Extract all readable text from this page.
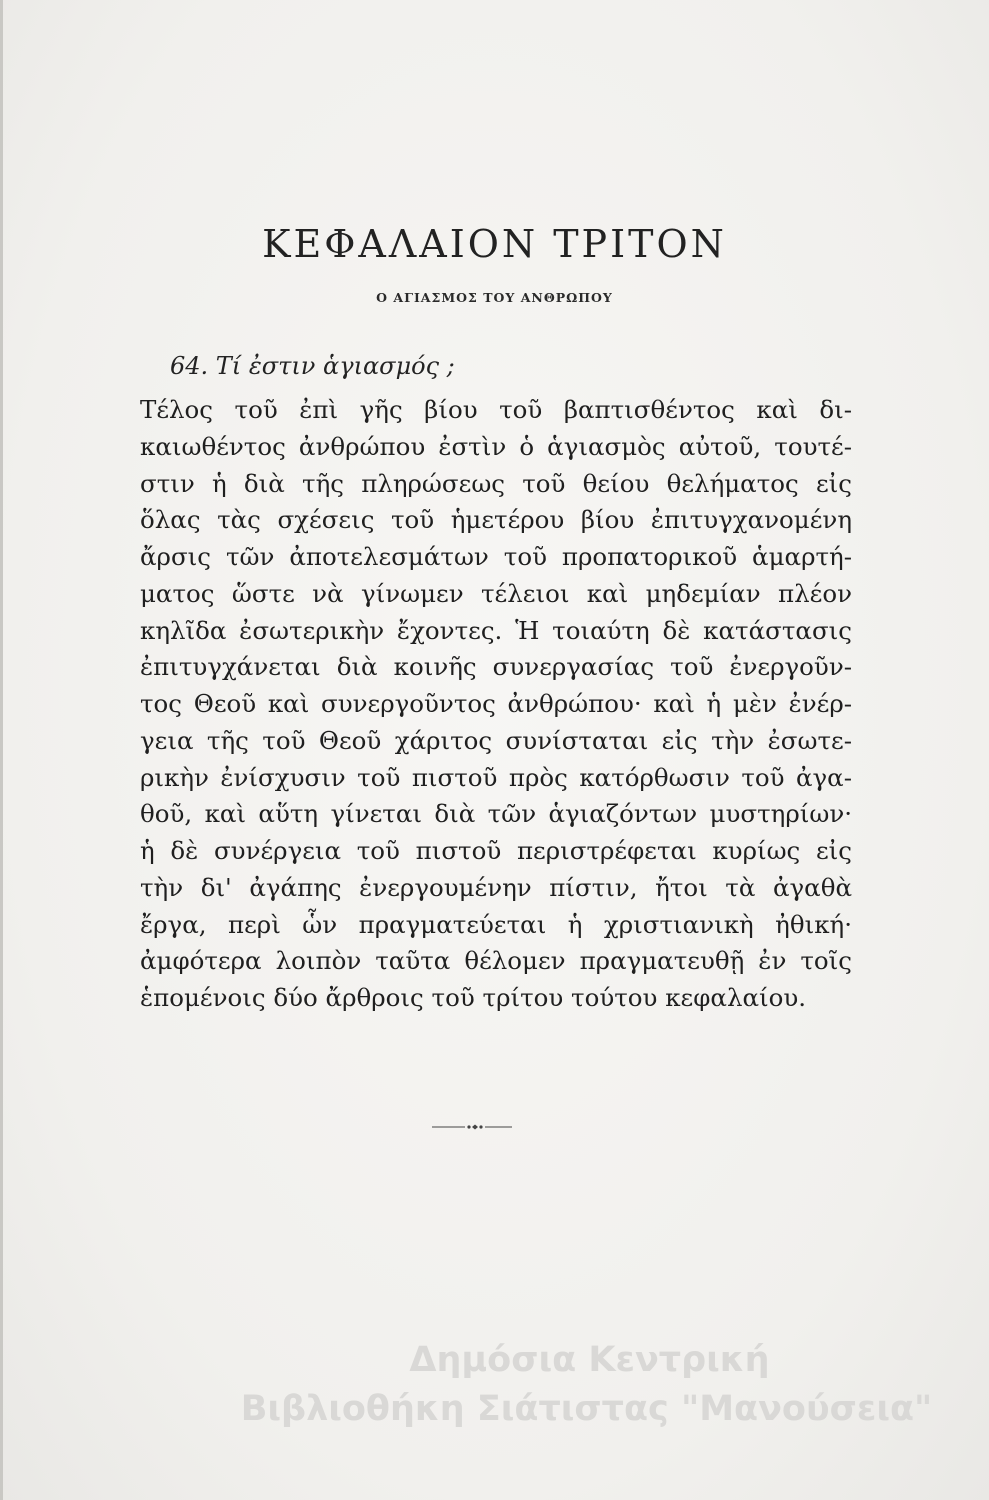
ΚΕΦΑΛΑΙΟΝ ΤΡΙΤΟΝ
Ο ΑΓΙΑΣΜΟΣ ΤΟΥ ΑΝΘΡΩΠΟΥ
64. Τί ἐστιν ἁγιασμός ;
Τέλος τοῦ ἐπὶ γῆς βίου τοῦ βαπτισθέντος καὶ δι-
καιωθέντος ἀνθρώπου ἐστὶν ὁ ἁγιασμὸς αὐτοῦ, τουτέ-
στιν ἡ διὰ τῆς πληρώσεως τοῦ θείου θελήματος εἰς
ὅλας τὰς σχέσεις τοῦ ἡμετέρου βίου ἐπιτυγχανομένη
ἄρσις τῶν ἀποτελεσμάτων τοῦ προπατορικοῦ ἁμαρτή-
ματος ὥστε νὰ γίνωμεν τέλειοι καὶ μηδεμίαν πλέον
κηλῖδα ἐσωτερικὴν ἔχοντες. Ἡ τοιαύτη δὲ κατάστασις
ἐπιτυγχάνεται διὰ κοινῆς συνεργασίας τοῦ ἐνεργοῦν-
τος Θεοῦ καὶ συνεργοῦντος ἀνθρώπου· καὶ ἡ μὲν ἐνέρ-
γεια τῆς τοῦ Θεοῦ χάριτος συνίσταται εἰς τὴν ἐσωτε-
ρικὴν ἐνίσχυσιν τοῦ πιστοῦ πρὸς κατόρθωσιν τοῦ ἀγα-
θοῦ, καὶ αὕτη γίνεται διὰ τῶν ἁγιαζόντων μυστηρίων·
ἡ δὲ συνέργεια τοῦ πιστοῦ περιστρέφεται κυρίως εἰς
τὴν δι' ἀγάπης ἐνεργουμένην πίστιν, ἤτοι τὰ ἀγαθὰ
ἔργα, περὶ ὧν πραγματεύεται ἡ χριστιανικὴ ἠθική·
ἀμφότερα λοιπὸν ταῦτα θέλομεν πραγματευθῇ ἐν τοῖς
ἑπομένοις δύο ἄρθροις τοῦ τρίτου τούτου κεφαλαίου.
Δημόσια Κεντρική
Βιβλιοθήκη Σιάτιστας "Μανούσεια"
